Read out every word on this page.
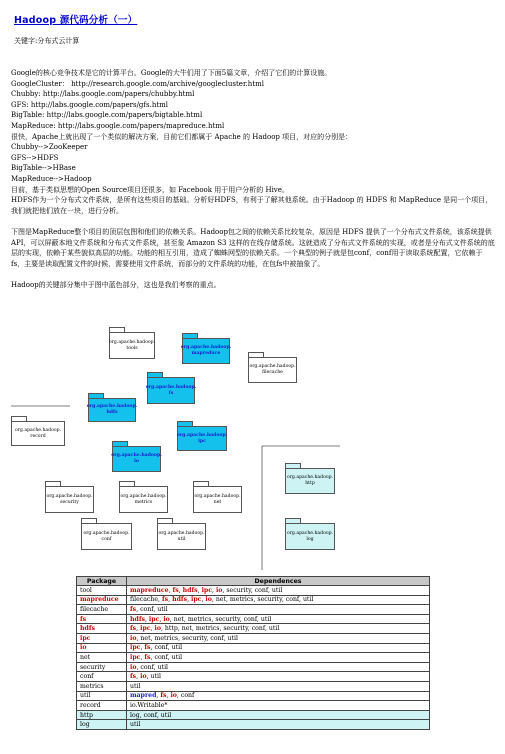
Hadoop 源代码分析（一）
关键字:分布式云计算
Google的核心竞争技术是它的计算平台。Google的大牛们用了下面5篇文章，介绍了它们的计算设施。
GoogleCluster： http://research.google.com/archive/googlecluster.html
Chubby: http://labs.google.com/papers/chubby.html
GFS: http://labs.google.com/papers/gfs.html
BigTable: http://labs.google.com/papers/bigtable.html
MapReduce: http://labs.google.com/papers/mapreduce.html
很快，Apache上就出现了一个类似的解决方案，目前它们都属于 Apache 的 Hadoop 项目，对应的分别是：
Chubby-->ZooKeeper
GFS-->HDFS
BigTable-->HBase
MapReduce-->Hadoop
目前，基于类似思想的Open Source项目还很多，如 Facebook 用于用户分析的 Hive。
HDFS作为一个分布式文件系统，是所有这些项目的基础。分析好HDFS，有利于了解其他系统。由于Hadoop 的 HDFS 和 MapReduce 是同一个项目，我们就把他们放在一块，进行分析。
下图是MapReduce整个项目的顶层包图和他们的依赖关系。Hadoop包之间的依赖关系比较复杂，原因是 HDFS 提供了一个分布式文件系统，该系统提供 API，可以屏蔽本地文件系统和分布式文件系统，甚至象 Amazon S3 这样的在线存储系统。这就造成了分布式文件系统的实现，或者是分布式文件系统的底层的实现，依赖于某些貌似高层的功能。功能的相互引用，造成了蜘蛛网型的依赖关系。一个典型的例子就是包conf，conf用于读取系统配置，它依赖于fs，主要是读取配置文件的时候，需要使用文件系统，而部分的文件系统的功能，在包fs中被抽象了。
Hadoop的关键部分集中于图中蓝色部分，这也是我们考察的重点。
org.apache.hadoop.
tools	org.apache.hadoop.
mapreduce
org.apache.hadoop.
filecache
org.apache.hadoop.
fs
org.apache.hadoop.
hdfs
org.apache.hadoop.
record	org.apache.hadoop.
ipc
org.apache.hadoop.
io
org.apache.hadoop.
http
org.apache.hadoop.
security
org.apache.hadoop.
metrics
org.apache.hadoop.
net
org.apache.hadoop.
conf
org.apache.hadoop.
util
org.apache.hadoop.
log
Package	Dependences
tool	mapreduce, fs, hdfs, ipc, io, security, conf, util
mapreduce	filecache, fs, hdfs, ipc, io, net, metrics, security, conf, util
filecache	fs, conf, util
fs	hdfs, ipc, io, net, metrics, security, conf, util
hdfs	fs, ipc, io, http, net, metrics, security, conf, util
ipc	io, net, metrics, security, conf, util
io	ipc, fs, conf, util
net	ipc, fs, conf, util
security	io, conf, util
conf	fs, io, util
metrics	util
util	mapred, fs, io, conf
record	io.Writable*
http	log, conf, util
log	util
